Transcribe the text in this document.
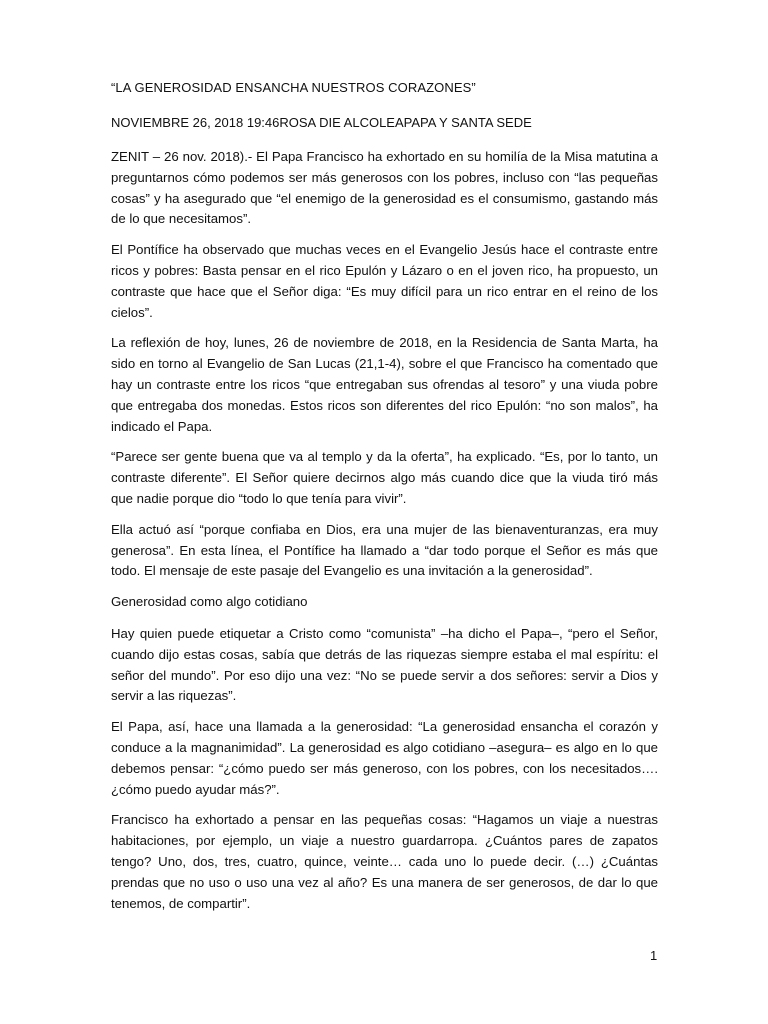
“LA GENEROSIDAD ENSANCHA NUESTROS CORAZONES”

NOVIEMBRE 26, 2018 19:46ROSA DIE ALCOLEAPAPA Y SANTA SEDE

ZENIT – 26 nov. 2018).- El Papa Francisco ha exhortado en su homilía de la Misa matutina a preguntarnos cómo podemos ser más generosos con los pobres, incluso con “las pequeñas cosas” y ha asegurado que “el enemigo de la generosidad es el consumismo, gastando más de lo que necesitamos”.

El Pontífice ha observado que muchas veces en el Evangelio Jesús hace el contraste entre ricos y pobres: Basta pensar en el rico Epulón y Lázaro o en el joven rico, ha propuesto, un contraste que hace que el Señor diga: “Es muy difícil para un rico entrar en el reino de los cielos”.

La reflexión de hoy, lunes, 26 de noviembre de 2018, en la Residencia de Santa Marta, ha sido en torno al Evangelio de San Lucas (21,1-4), sobre el que Francisco ha comentado que hay un contraste entre los ricos “que entregaban sus ofrendas al tesoro” y una viuda pobre que entregaba dos monedas. Estos ricos son diferentes del rico Epulón: “no son malos”, ha indicado el Papa.

“Parece ser gente buena que va al templo y da la oferta”, ha explicado. “Es, por lo tanto, un contraste diferente”. El Señor quiere decirnos algo más cuando dice que la viuda tiró más que nadie porque dio “todo lo que tenía para vivir”.

Ella actuó así “porque confiaba en Dios, era una mujer de las bienaventuranzas, era muy generosa”. En esta línea, el Pontífice ha llamado a “dar todo porque el Señor es más que todo. El mensaje de este pasaje del Evangelio es una invitación a la generosidad”.

Generosidad como algo cotidiano

Hay quien puede etiquetar a Cristo como “comunista” –ha dicho el Papa–, “pero el Señor, cuando dijo estas cosas, sabía que detrás de las riquezas siempre estaba el mal espíritu: el señor del mundo”. Por eso dijo una vez: “No se puede servir a dos señores: servir a Dios y servir a las riquezas”.

El Papa, así, hace una llamada a la generosidad: “La generosidad ensancha el corazón y conduce a la magnanimidad”. La generosidad es algo cotidiano –asegura– es algo en lo que debemos pensar: “¿cómo puedo ser más generoso, con los pobres, con los necesitados…. ¿cómo puedo ayudar más?”.

Francisco ha exhortado a pensar en las pequeñas cosas: “Hagamos un viaje a nuestras habitaciones, por ejemplo, un viaje a nuestro guardarropa. ¿Cuántos pares de zapatos tengo? Uno, dos, tres, cuatro, quince, veinte… cada uno lo puede decir. (…) ¿Cuántas prendas que no uso o uso una vez al año? Es una manera de ser generosos, de dar lo que tenemos, de compartir”.

1
